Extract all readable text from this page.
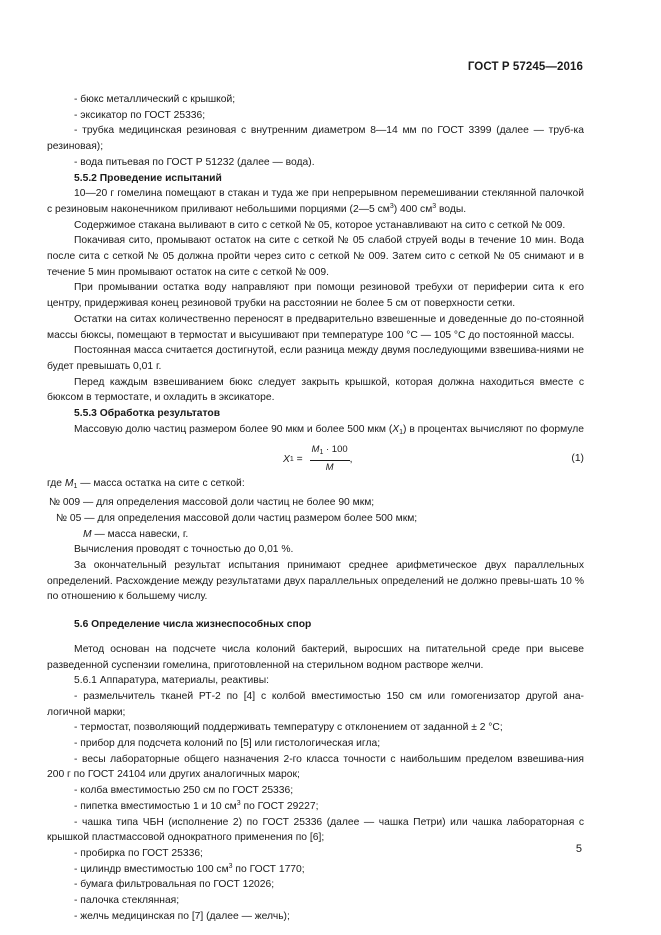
ГОСТ Р 57245—2016

- бюкс металлический с крышкой;

- эксикатор по ГОСТ 25336;

- трубка медицинская резиновая с внутренним диаметром 8—14 мм по ГОСТ 3399 (далее — труб-ка резиновая);

- вода питьевая по ГОСТ Р 51232 (далее — вода).

5.5.2 Проведение испытаний

10—20 г гомелина помещают в стакан и туда же при непрерывном перемешивании стеклянной палочкой с резиновым наконечником приливают небольшими порциями (2—5 $см^3$) 400 $см^3$ воды.

Содержимое стакана выливают в сито с сеткой № 05, которое устанавливают на сито с сеткой № 009.

Покачивая сито, промывают остаток на сите с сеткой № 05 слабой струей воды в течение 10 мин. Вода после сита с сеткой № 05 должна пройти через сито с сеткой № 009. Затем сито с сеткой № 05 снимают и в течение 5 мин промывают остаток на сите с сеткой № 009.

При промывании остатка воду направляют при помощи резиновой требухи от периферии сита к его центру, придерживая конец резиновой трубки на расстоянии не более 5 см от поверхности сетки.

Остатки на ситах количественно переносят в предварительно взвешенные и доведенные до по-стоянной массы бюксы, помещают в термостат и высушивают при температуре 100 °С — 105 °С до постоянной массы.

Постоянная масса считается достигнутой, если разница между двумя последующими взвешива-ниями не будет превышать 0,01 г.

Перед каждым взвешиванием бюкс следует закрыть крышкой, которая должна находиться вместе с бюксом в термостате, и охладить в эксикаторе.

5.5.3 Обработка результатов

Массовую долю частиц размером более 90 мкм и более 500 мкм $(X_1)$ в процентах вычисляют по формуле

X $1 = \frac{M_1 \cdot 100}{M}$ ,	(1)

где $M_1$ — масса остатка на сите с сеткой:

№ 009 — для определения массовой доли частиц не более 90 мкм;

№ 05 — для определения массовой доли частиц размером более 500 мкм;

M — масса навески, г.

Вычисления проводят с точностью до 0,01 %.

За окончательный результат испытания принимают среднее арифметическое двух параллельных определений. Расхождение между результатами двух параллельных определений не должно превы-шать 10 % по отношению к большему числу.

5.6 Определение числа жизнеспособных спор

Метод основан на подсчете числа колоний бактерий, выросших на питательной среде при высеве разведенной суспензии гомелина, приготовленной на стерильном водном растворе желчи.

5.6.1 Аппаратура, материалы, реактивы:

- размельчитель тканей РТ-2 по [4] с колбой вместимостью 150 см или гомогенизатор другой ана-логичной марки;

- термостат, позволяющий поддерживать температуру с отклонением от заданной ± 2 °С;

- прибор для подсчета колоний по [5] или гистологическая игла;

- весы лабораторные общего назначения 2-го класса точности с наибольшим пределом взвешива-ния 200 г по ГОСТ 24104 или других аналогичных марок;

- колба вместимостью 250 см по ГОСТ 25336;

- пипетка вместимостью 1 и 10 $см^3$ по ГОСТ 29227;

- чашка типа ЧБН (исполнение 2) по ГОСТ 25336 (далее — чашка Петри) или чашка лабораторная с крышкой пластмассовой однократного применения по [6];

- пробирка по ГОСТ 25336;

- цилиндр вместимостью 100 $см^3$ по ГОСТ 1770;

- бумага фильтровальная по ГОСТ 12026;

- палочка стеклянная;

- желчь медицинская по [7] (далее — желчь);

5
